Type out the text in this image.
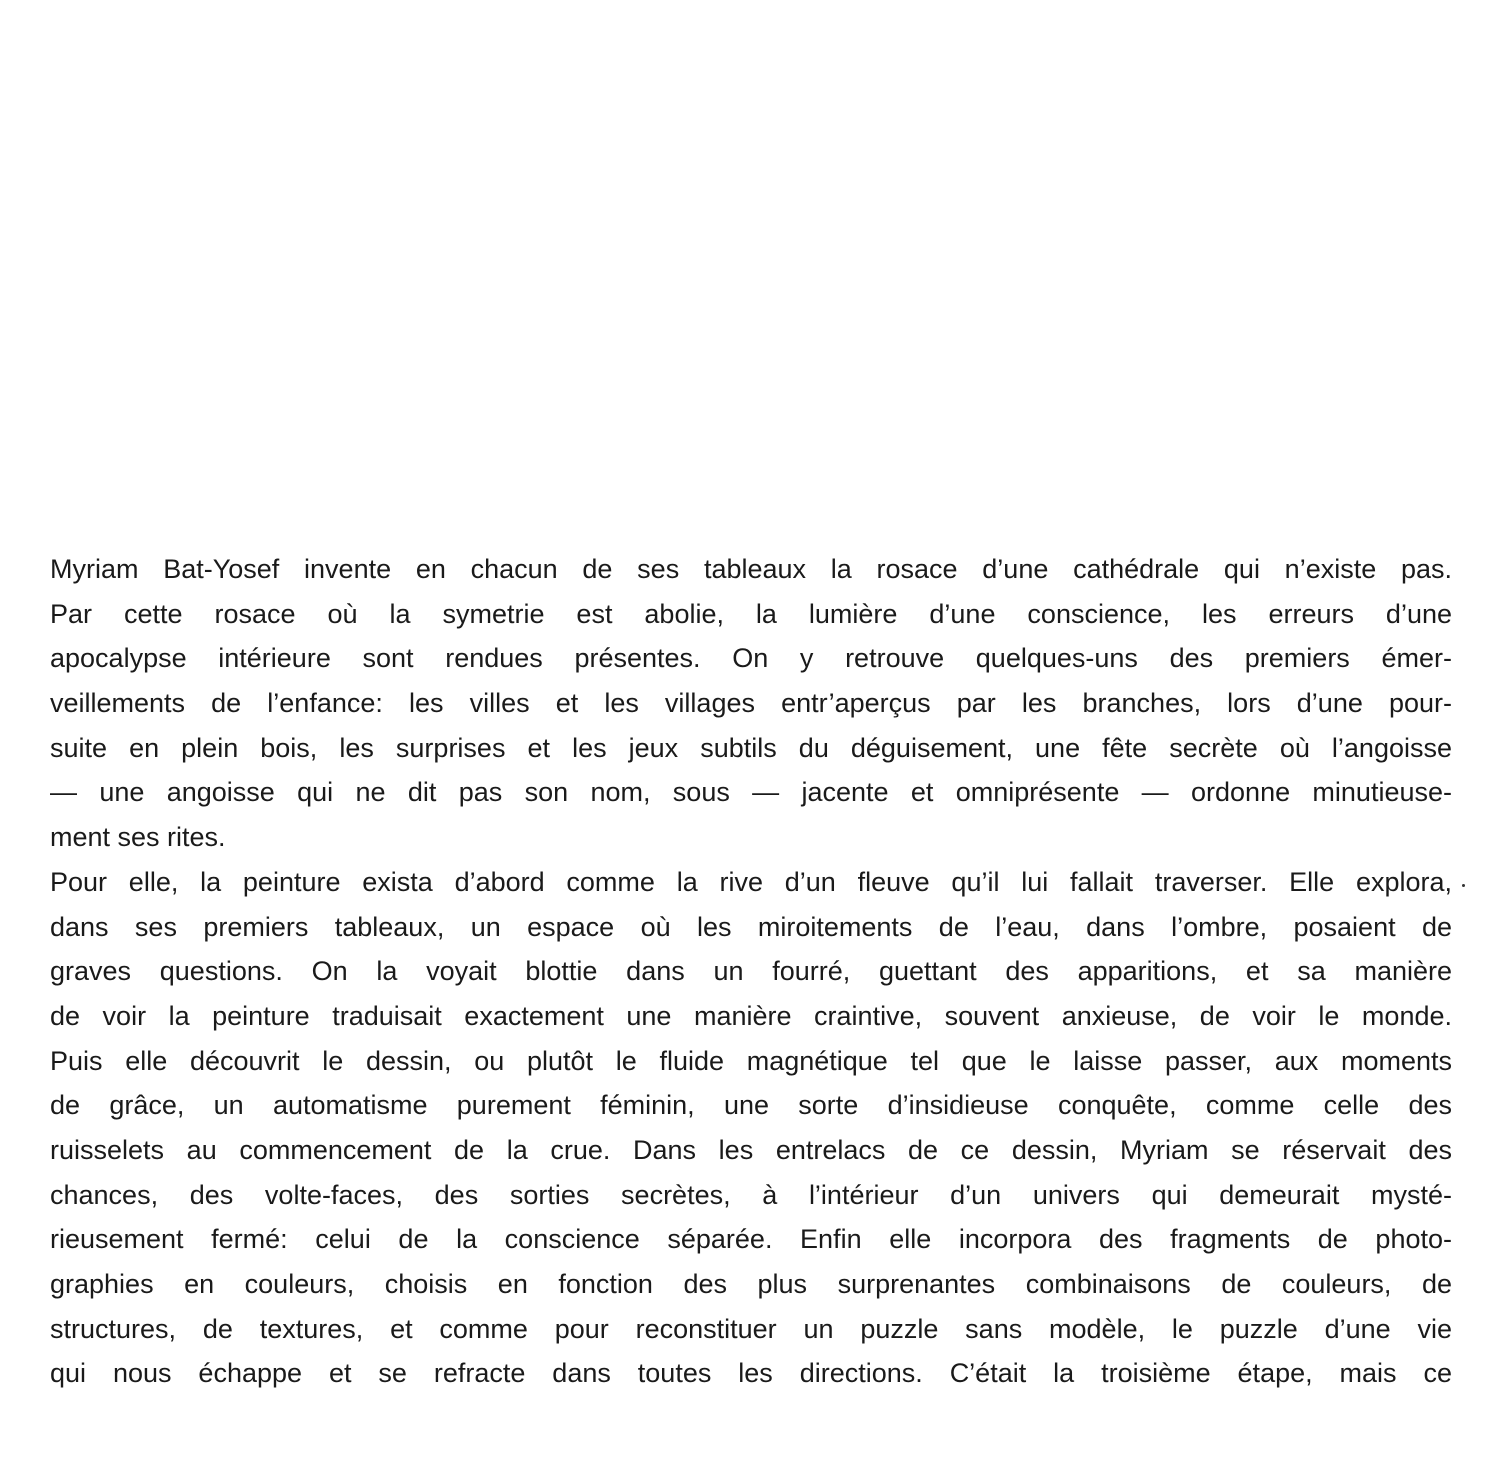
Myriam Bat-Yosef invente en chacun de ses tableaux la rosace d’une cathédrale qui n’existe pas.
Par cette rosace où la symetrie est abolie, la lumière d’une conscience, les erreurs d’une
apocalypse intérieure sont rendues présentes. On y retrouve quelques-uns des premiers émer-
veillements de l’enfance: les villes et les villages entr’aperçus par les branches, lors d’une pour-
suite en plein bois, les surprises et les jeux subtils du déguisement, une fête secrète où l’angoisse
— une angoisse qui ne dit pas son nom, sous — jacente et omniprésente — ordonne minutieuse-
ment ses rites.
Pour elle, la peinture exista d’abord comme la rive d’un fleuve qu’il lui fallait traverser. Elle explora,
dans ses premiers tableaux, un espace où les miroitements de l’eau, dans l’ombre, posaient de
graves questions. On la voyait blottie dans un fourré, guettant des apparitions, et sa manière
de voir la peinture traduisait exactement une manière craintive, souvent anxieuse, de voir le monde.
Puis elle découvrit le dessin, ou plutôt le fluide magnétique tel que le laisse passer, aux moments
de grâce, un automatisme purement féminin, une sorte d’insidieuse conquête, comme celle des
ruisselets au commencement de la crue. Dans les entrelacs de ce dessin, Myriam se réservait des
chances, des volte-faces, des sorties secrètes, à l’intérieur d’un univers qui demeurait mysté-
rieusement fermé: celui de la conscience séparée. Enfin elle incorpora des fragments de photo-
graphies en couleurs, choisis en fonction des plus surprenantes combinaisons de couleurs, de
structures, de textures, et comme pour reconstituer un puzzle sans modèle, le puzzle d’une vie
qui nous échappe et se refracte dans toutes les directions. C’était la troisième étape, mais ce
